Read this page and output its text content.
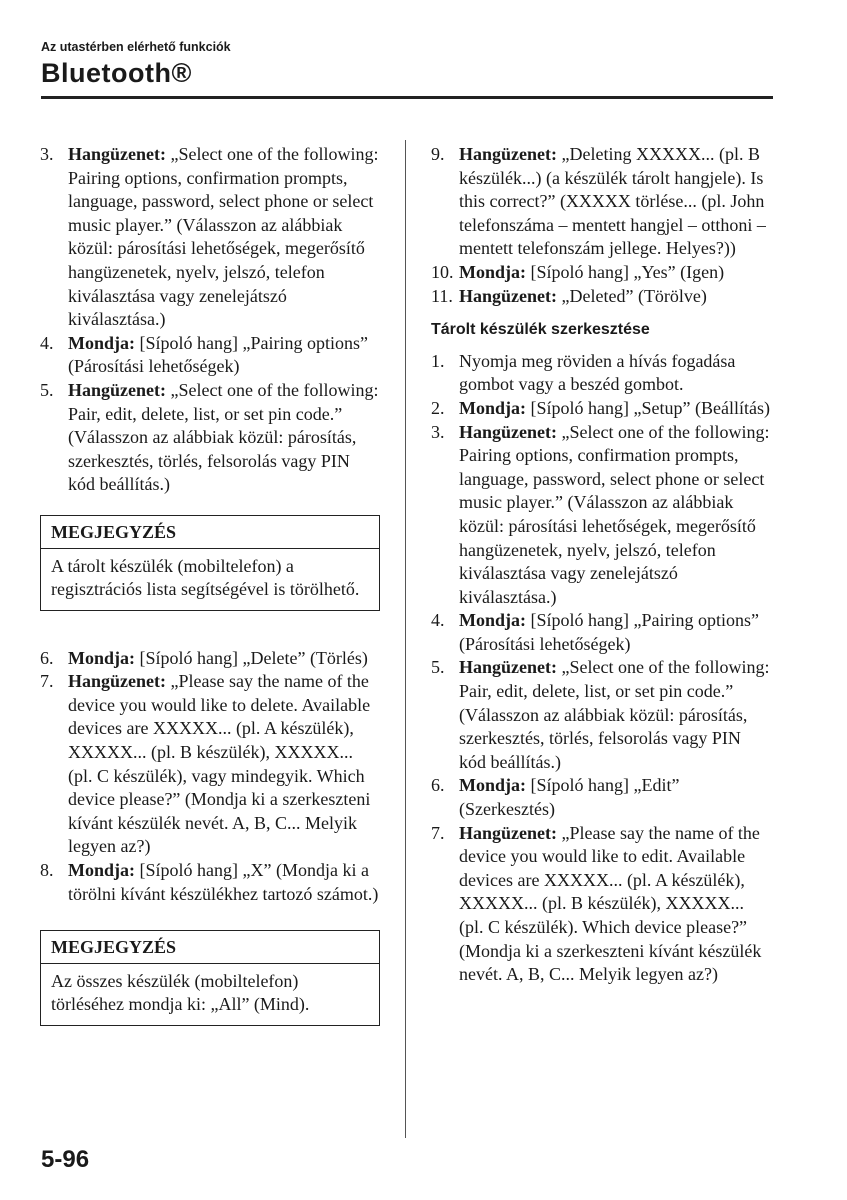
Az utastérben elérhető funkciók
Bluetooth®
3. Hangüzenet: „Select one of the following: Pairing options, confirmation prompts, language, password, select phone or select music player.” (Válasszon az alábbiak közül: párosítási lehetőségek, megerősítő hangüzenetek, nyelv, jelszó, telefon kiválasztása vagy zenelejátszó kiválasztása.)
4. Mondja: [Sípoló hang] „Pairing options” (Párosítási lehetőségek)
5. Hangüzenet: „Select one of the following: Pair, edit, delete, list, or set pin code.” (Válasszon az alábbiak közül: párosítás, szerkesztés, törlés, felsorolás vagy PIN kód beállítás.)
MEGJEGYZÉS
A tárolt készülék (mobiltelefon) a regisztrációs lista segítségével is törölhető.
6. Mondja: [Sípoló hang] „Delete” (Törlés)
7. Hangüzenet: „Please say the name of the device you would like to delete. Available devices are XXXXX... (pl. A készülék), XXXXX... (pl. B készülék), XXXXX... (pl. C készülék), vagy mindegyik. Which device please?” (Mondja ki a szerkeszteni kívánt készülék nevét. A, B, C... Melyik legyen az?)
8. Mondja: [Sípoló hang] „X” (Mondja ki a törölni kívánt készülékhez tartozó számot.)
MEGJEGYZÉS
Az összes készülék (mobiltelefon) törléséhez mondja ki: „All” (Mind).
9. Hangüzenet: „Deleting XXXXX... (pl. B készülék...) (a készülék tárolt hangjele). Is this correct?” (XXXXX törlése... (pl. John telefonszáma – mentett hangjel – otthoni – mentett telefonszám jellege. Helyes?))
10. Mondja: [Sípoló hang] „Yes” (Igen)
11. Hangüzenet: „Deleted” (Törölve)
Tárolt készülék szerkesztése
1. Nyomja meg röviden a hívás fogadása gombot vagy a beszéd gombot.
2. Mondja: [Sípoló hang] „Setup” (Beállítás)
3. Hangüzenet: „Select one of the following: Pairing options, confirmation prompts, language, password, select phone or select music player.” (Válasszon az alábbiak közül: párosítási lehetőségek, megerősítő hangüzenetek, nyelv, jelszó, telefon kiválasztása vagy zenelejátszó kiválasztása.)
4. Mondja: [Sípoló hang] „Pairing options” (Párosítási lehetőségek)
5. Hangüzenet: „Select one of the following: Pair, edit, delete, list, or set pin code.” (Válasszon az alábbiak közül: párosítás, szerkesztés, törlés, felsorolás vagy PIN kód beállítás.)
6. Mondja: [Sípoló hang] „Edit” (Szerkesztés)
7. Hangüzenet: „Please say the name of the device you would like to edit. Available devices are XXXXX... (pl. A készülék), XXXXX... (pl. B készülék), XXXXX... (pl. C készülék). Which device please?” (Mondja ki a szerkeszteni kívánt készülék nevét. A, B, C... Melyik legyen az?)
5-96
